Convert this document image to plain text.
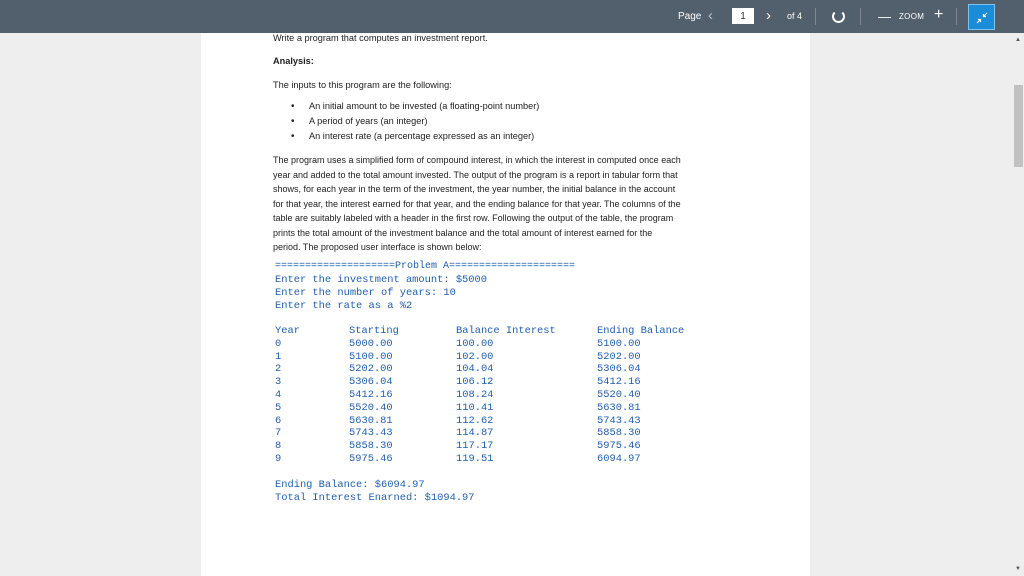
Page ‹
1	› of 4	— ZOOM +
Write a program that computes an investment report.
Analysis:
The inputs to this program are the following:
• An initial amount to be invested (a floating-point number)
• A period of years (an integer)
• An interest rate (a percentage expressed as an integer)
The program uses a simplified form of compound interest, in which the interest in computed once each
year and added to the total amount invested. The output of the program is a report in tabular form that
shows, for each year in the term of the investment, the year number, the initial balance in the account
for that year, the interest earned for that year, and the ending balance for that year. The columns of the
table are suitably labeled with a header in the first row. Following the output of the table, the program
prints the total amount of the investment balance and the total amount of interest earned for the
period. The proposed user interface is shown below:
====================Problem A=====================
Enter the investment amount: $5000
Enter the number of years: 10
Enter the rate as a %2
Year
0
1
2
3
4
5
6
7
8
9
Starting
5000.00
5100.00
5202.00
5306.04
5412.16
5520.40
5630.81
5743.43
5858.30
5975.46
Balance Interest
100.00
102.00
104.04
106.12
108.24
110.41
112.62
114.87
117.17
119.51
Ending Balance
5100.00
5202.00
5306.04
5412.16
5520.40
5630.81
5743.43
5858.30
5975.46
6094.97
Ending Balance: $6094.97
Total Interest Enarned: $1094.97
▲
▼
